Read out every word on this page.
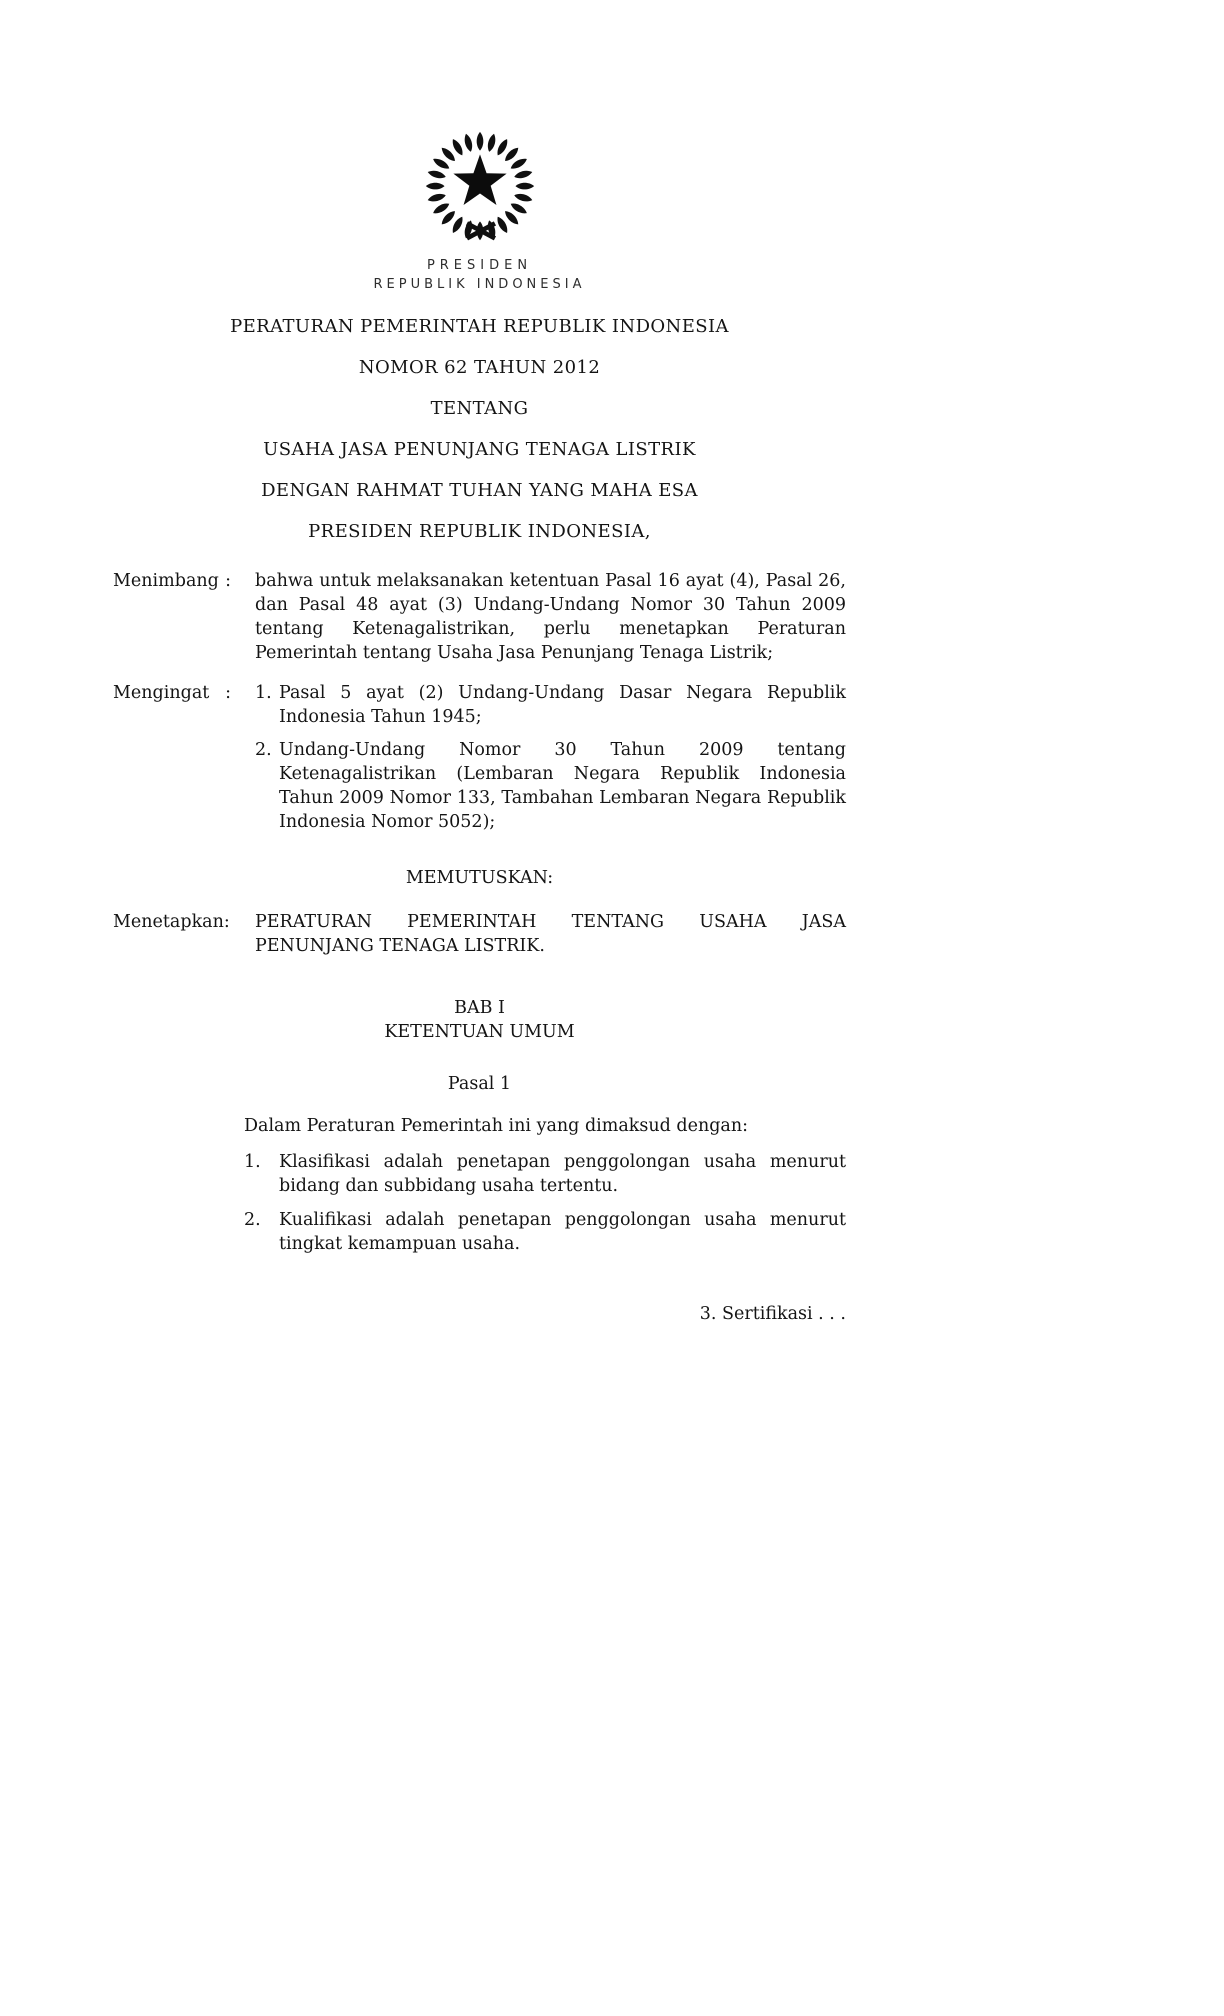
PRESIDEN
REPUBLIK INDONESIA
PERATURAN PEMERINTAH REPUBLIK INDONESIA
NOMOR 62 TAHUN 2012
TENTANG
USAHA JASA PENUNJANG TENAGA LISTRIK
DENGAN RAHMAT TUHAN YANG MAHA ESA
PRESIDEN REPUBLIK INDONESIA,
Menimbang : bahwa untuk melaksanakan ketentuan Pasal 16 ayat (4), Pasal 26, dan Pasal 48 ayat (3) Undang-Undang Nomor 30 Tahun 2009 tentang Ketenagalistrikan, perlu menetapkan Peraturan Pemerintah tentang Usaha Jasa Penunjang Tenaga Listrik;
Mengingat : 1. Pasal 5 ayat (2) Undang-Undang Dasar Negara Republik Indonesia Tahun 1945;
2. Undang-Undang Nomor 30 Tahun 2009 tentang Ketenagalistrikan (Lembaran Negara Republik Indonesia Tahun 2009 Nomor 133, Tambahan Lembaran Negara Republik Indonesia Nomor 5052);
MEMUTUSKAN:
Menetapkan:	PERATURAN PEMERINTAH TENTANG USAHA JASA PENUNJANG TENAGA LISTRIK.
BAB I
KETENTUAN UMUM
Pasal 1
Dalam Peraturan Pemerintah ini yang dimaksud dengan:
1.	Klasifikasi adalah penetapan penggolongan usaha menurut bidang dan subbidang usaha tertentu.
2.	Kualifikasi adalah penetapan penggolongan usaha menurut tingkat kemampuan usaha.
3. Sertifikasi . . .
